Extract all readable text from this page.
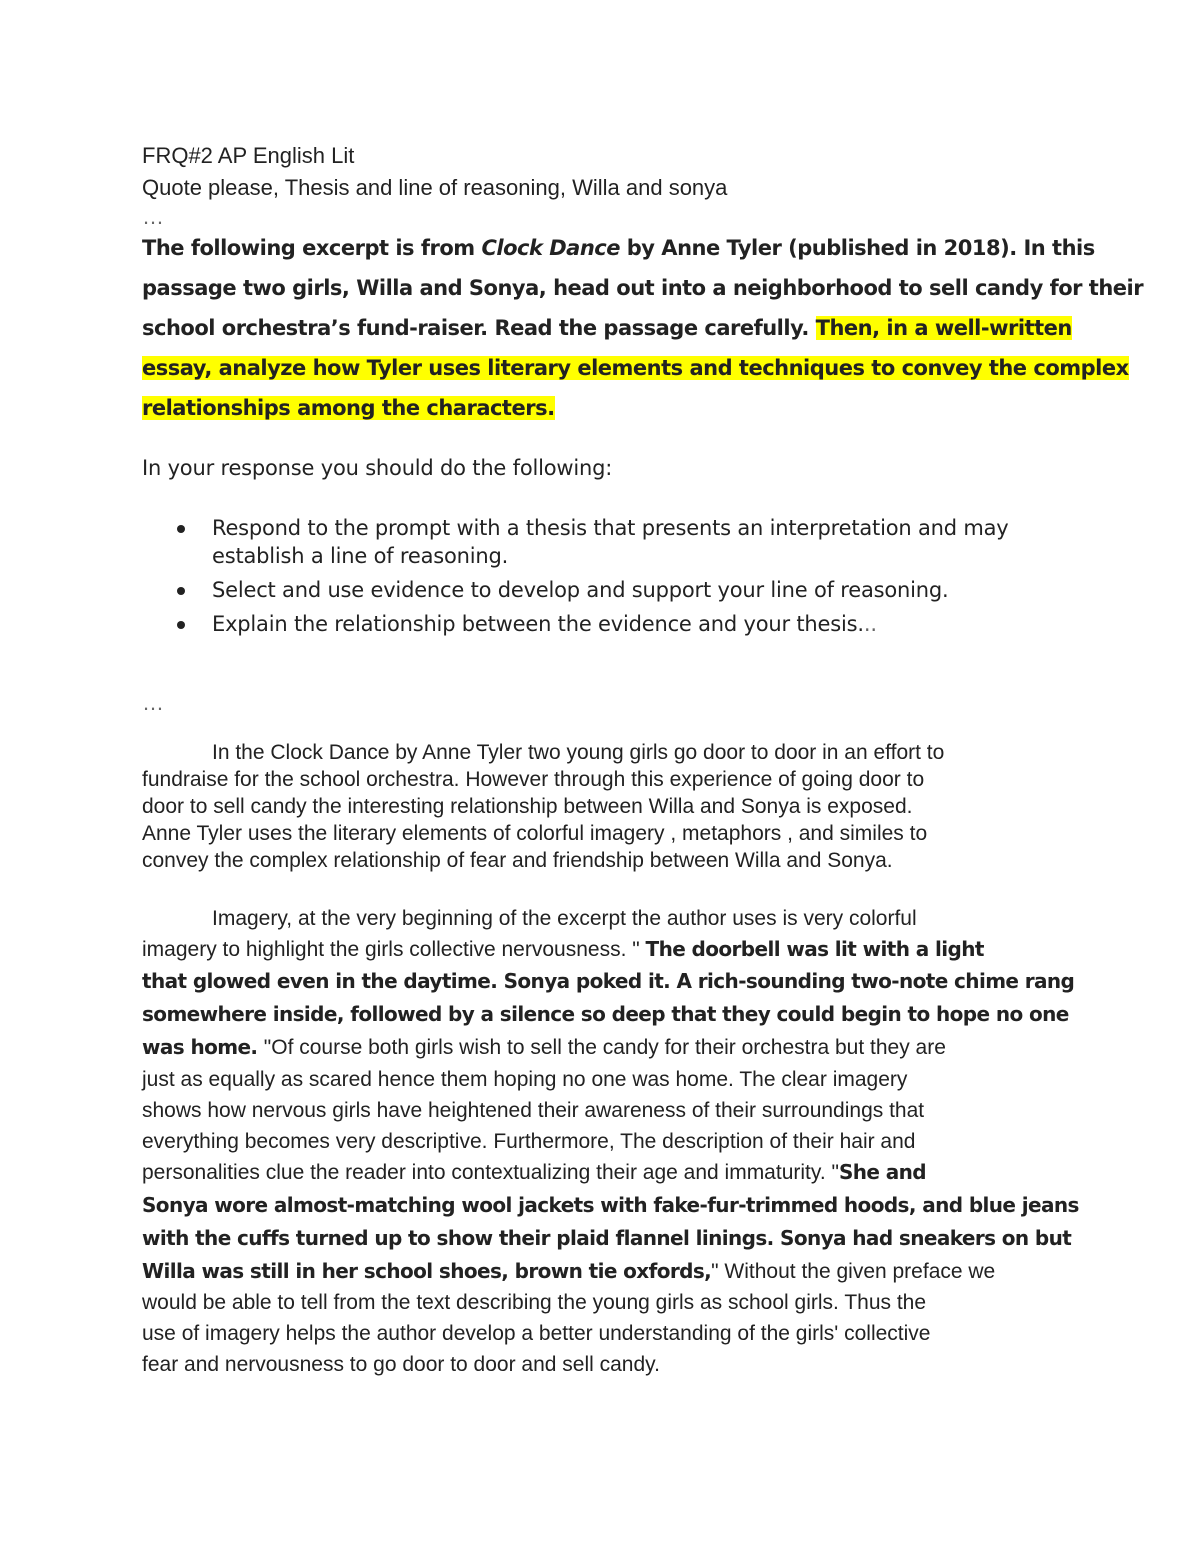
FRQ#2 AP English Lit
Quote please, Thesis and line of reasoning, Willa and sonya
…
The following excerpt is from Clock Dance by Anne Tyler (published in 2018). In this
passage two girls, Willa and Sonya, head out into a neighborhood to sell candy for their
school orchestra’s fund-raiser. Read the passage carefully. Then, in a well-written
essay, analyze how Tyler uses literary elements and techniques to convey the complex
relationships among the characters.
In your response you should do the following:
Respond to the prompt with a thesis that presents an interpretation and may
establish a line of reasoning.
Select and use evidence to develop and support your line of reasoning.
Explain the relationship between the evidence and your thesis...
…
In the Clock Dance by Anne Tyler two young girls go door to door in an effort to
fundraise for the school orchestra. However through this experience of going door to
door to sell candy the interesting relationship between Willa and Sonya is exposed.
Anne Tyler uses the literary elements of colorful imagery , metaphors , and similes to
convey the complex relationship of fear and friendship between Willa and Sonya.
Imagery, at the very beginning of the excerpt the author uses is very colorful
imagery to highlight the girls collective nervousness. " The doorbell was lit with a light
that glowed even in the daytime. Sonya poked it. A rich-sounding two-note chime rang
somewhere inside, followed by a silence so deep that they could begin to hope no one
was home. "Of course both girls wish to sell the candy for their orchestra but they are
just as equally as scared hence them hoping no one was home. The clear imagery
shows how nervous girls have heightened their awareness of their surroundings that
everything becomes very descriptive. Furthermore, The description of their hair and
personalities clue the reader into contextualizing their age and immaturity. "She and
Sonya wore almost-matching wool jackets with fake-fur-trimmed hoods, and blue jeans
with the cuffs turned up to show their plaid flannel linings. Sonya had sneakers on but
Willa was still in her school shoes, brown tie oxfords," Without the given preface we
would be able to tell from the text describing the young girls as school girls. Thus the
use of imagery helps the author develop a better understanding of the girls' collective
fear and nervousness to go door to door and sell candy.
